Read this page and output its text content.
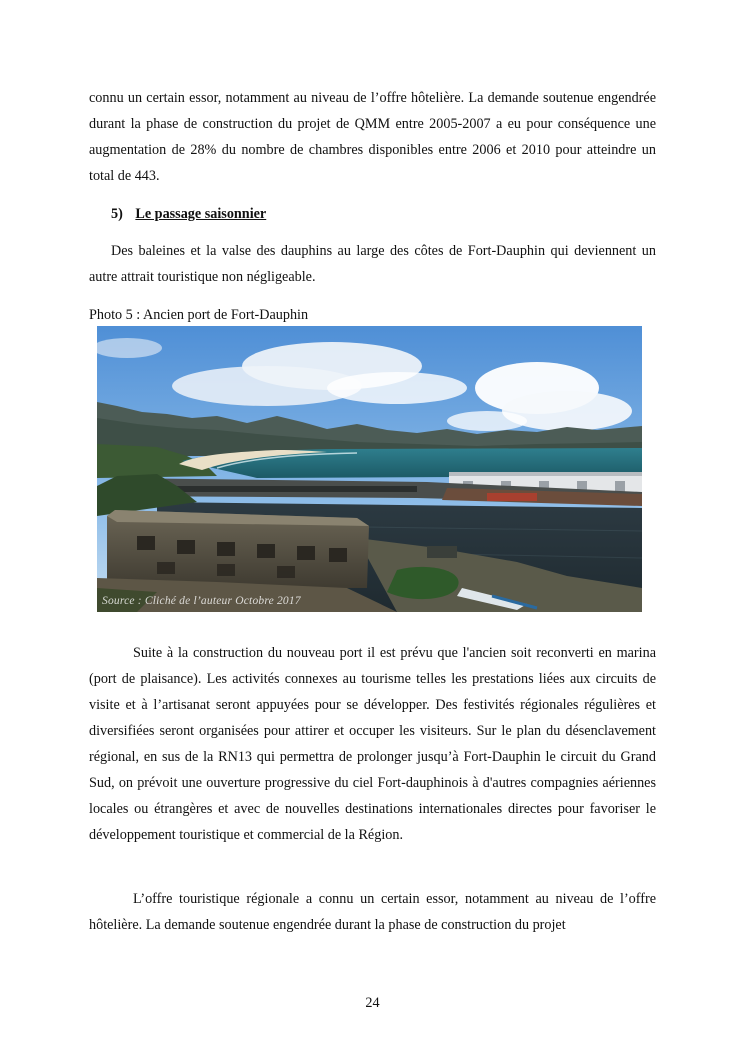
connu un certain essor, notamment au niveau de l’offre hôtelière. La demande soutenue engendrée durant la phase de construction du projet de QMM entre 2005-2007 a eu pour conséquence une augmentation de 28% du nombre de chambres disponibles entre 2006 et 2010 pour atteindre un total de 443.

5) Le passage saisonnier

Des baleines et la valse des dauphins au large des côtes de Fort-Dauphin qui deviennent un autre attrait touristique non négligeable.

Photo 5 : Ancien port de Fort-Dauphin
Source : Cliché de l’auteur Octobre 2017

Suite à la construction du nouveau port il est prévu que l'ancien soit reconverti en marina (port de plaisance). Les activités connexes au tourisme telles les prestations liées aux circuits de visite et à l’artisanat seront appuyées pour se développer. Des festivités régionales régulières et diversifiées seront organisées pour attirer et occuper les visiteurs. Sur le plan du désenclavement régional, en sus de la RN13 qui permettra de prolonger jusqu’à Fort-Dauphin le circuit du Grand Sud, on prévoit une ouverture progressive du ciel Fort-dauphinois à d'autres compagnies aériennes locales ou étrangères et avec de nouvelles destinations internationales directes pour favoriser le développement touristique et commercial de la Région.

L’offre touristique régionale a connu un certain essor, notamment au niveau de l’offre hôtelière. La demande soutenue engendrée durant la phase de construction du projet

24
